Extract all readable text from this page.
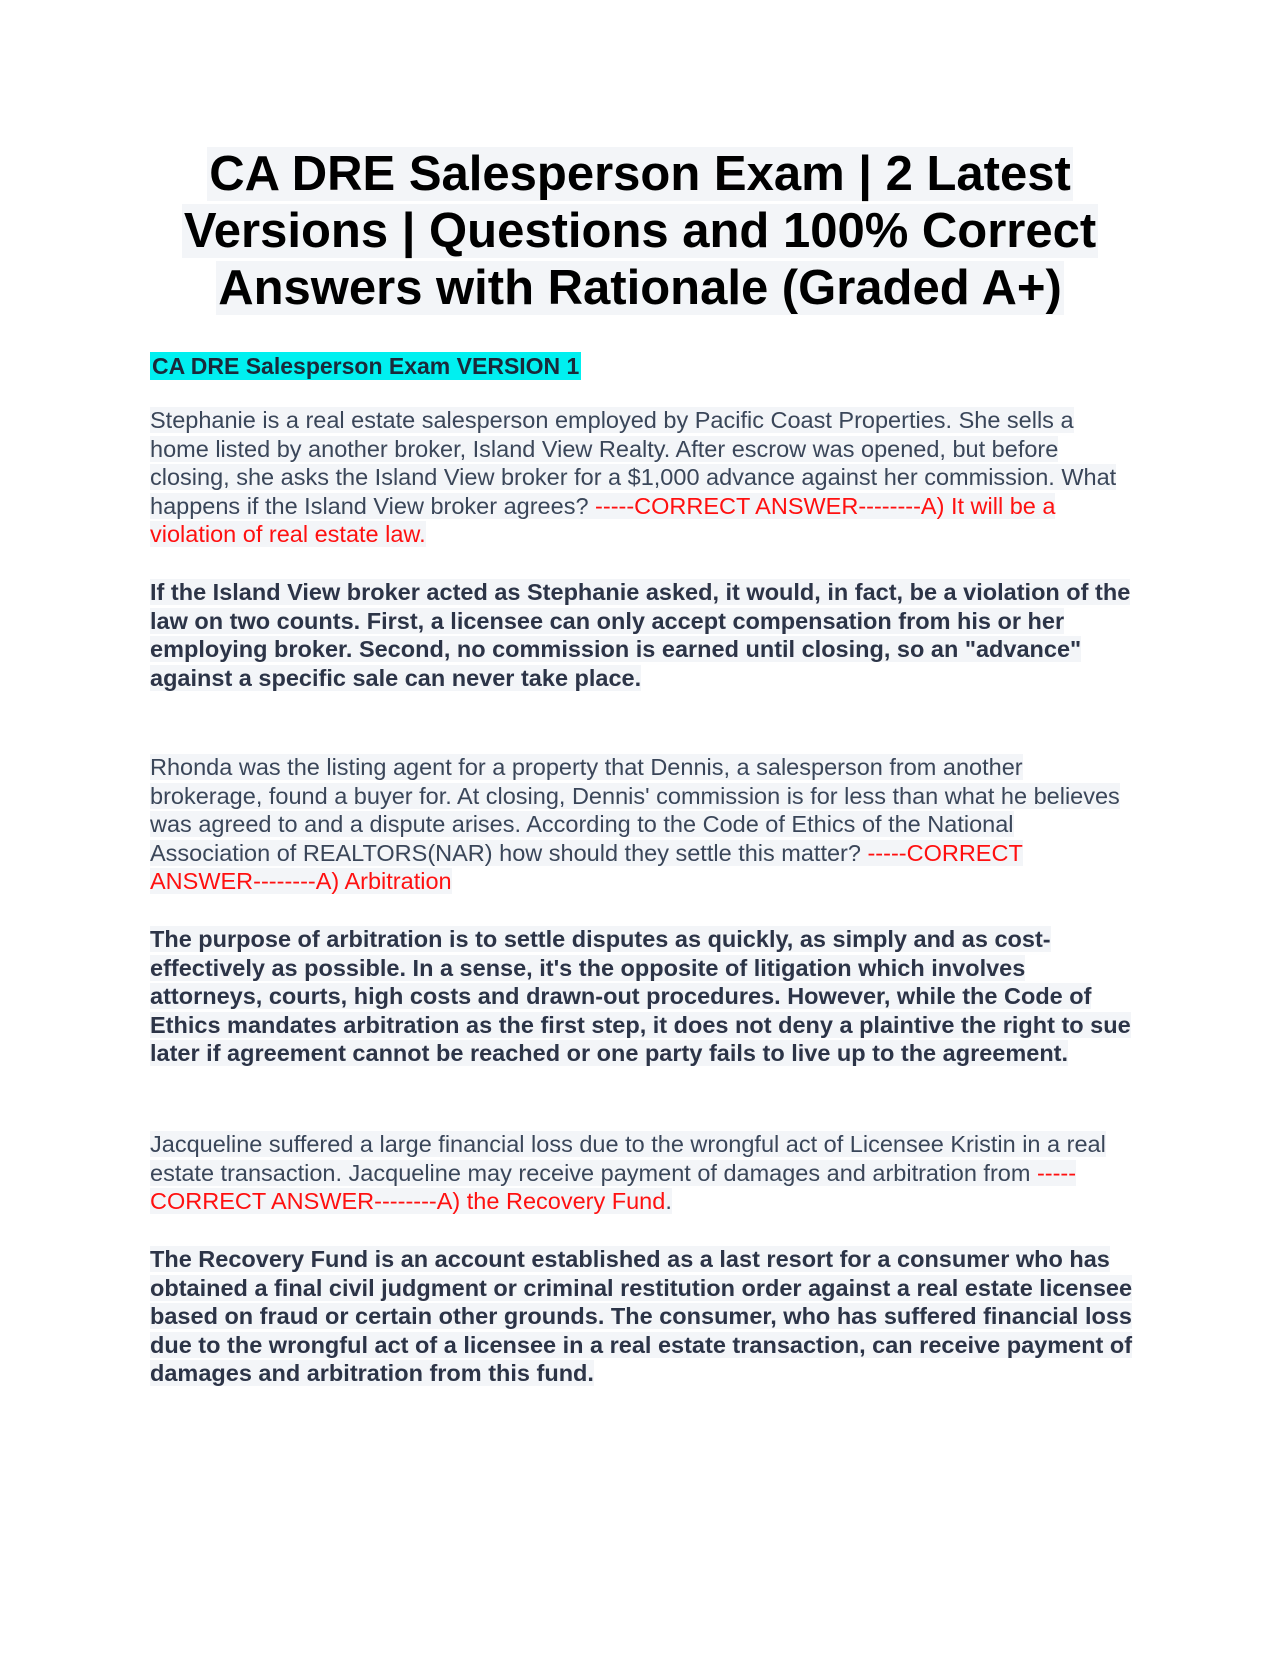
CA DRE Salesperson Exam | 2 Latest
Versions | Questions and 100% Correct
Answers with Rationale (Graded A+)

CA DRE Salesperson Exam VERSION 1

Stephanie is a real estate salesperson employed by Pacific Coast Properties. She sells a home listed by another broker, Island View Realty. After escrow was opened, but before closing, she asks the Island View broker for a $1,000 advance against her commission. What happens if the Island View broker agrees? -----CORRECT ANSWER--------A) It will be a violation of real estate law.

If the Island View broker acted as Stephanie asked, it would, in fact, be a violation of the law on two counts. First, a licensee can only accept compensation from his or her employing broker. Second, no commission is earned until closing, so an "advance" against a specific sale can never take place.

Rhonda was the listing agent for a property that Dennis, a salesperson from another brokerage, found a buyer for. At closing, Dennis' commission is for less than what he believes was agreed to and a dispute arises. According to the Code of Ethics of the National Association of REALTORS(NAR) how should they settle this matter? -----CORRECT ANSWER--------A) Arbitration

The purpose of arbitration is to settle disputes as quickly, as simply and as cost-effectively as possible. In a sense, it's the opposite of litigation which involves attorneys, courts, high costs and drawn-out procedures. However, while the Code of Ethics mandates arbitration as the first step, it does not deny a plaintive the right to sue later if agreement cannot be reached or one party fails to live up to the agreement.

Jacqueline suffered a large financial loss due to the wrongful act of Licensee Kristin in a real estate transaction. Jacqueline may receive payment of damages and arbitration from -----CORRECT ANSWER--------A) the Recovery Fund.

The Recovery Fund is an account established as a last resort for a consumer who has obtained a final civil judgment or criminal restitution order against a real estate licensee based on fraud or certain other grounds. The consumer, who has suffered financial loss due to the wrongful act of a licensee in a real estate transaction, can receive payment of damages and arbitration from this fund.
